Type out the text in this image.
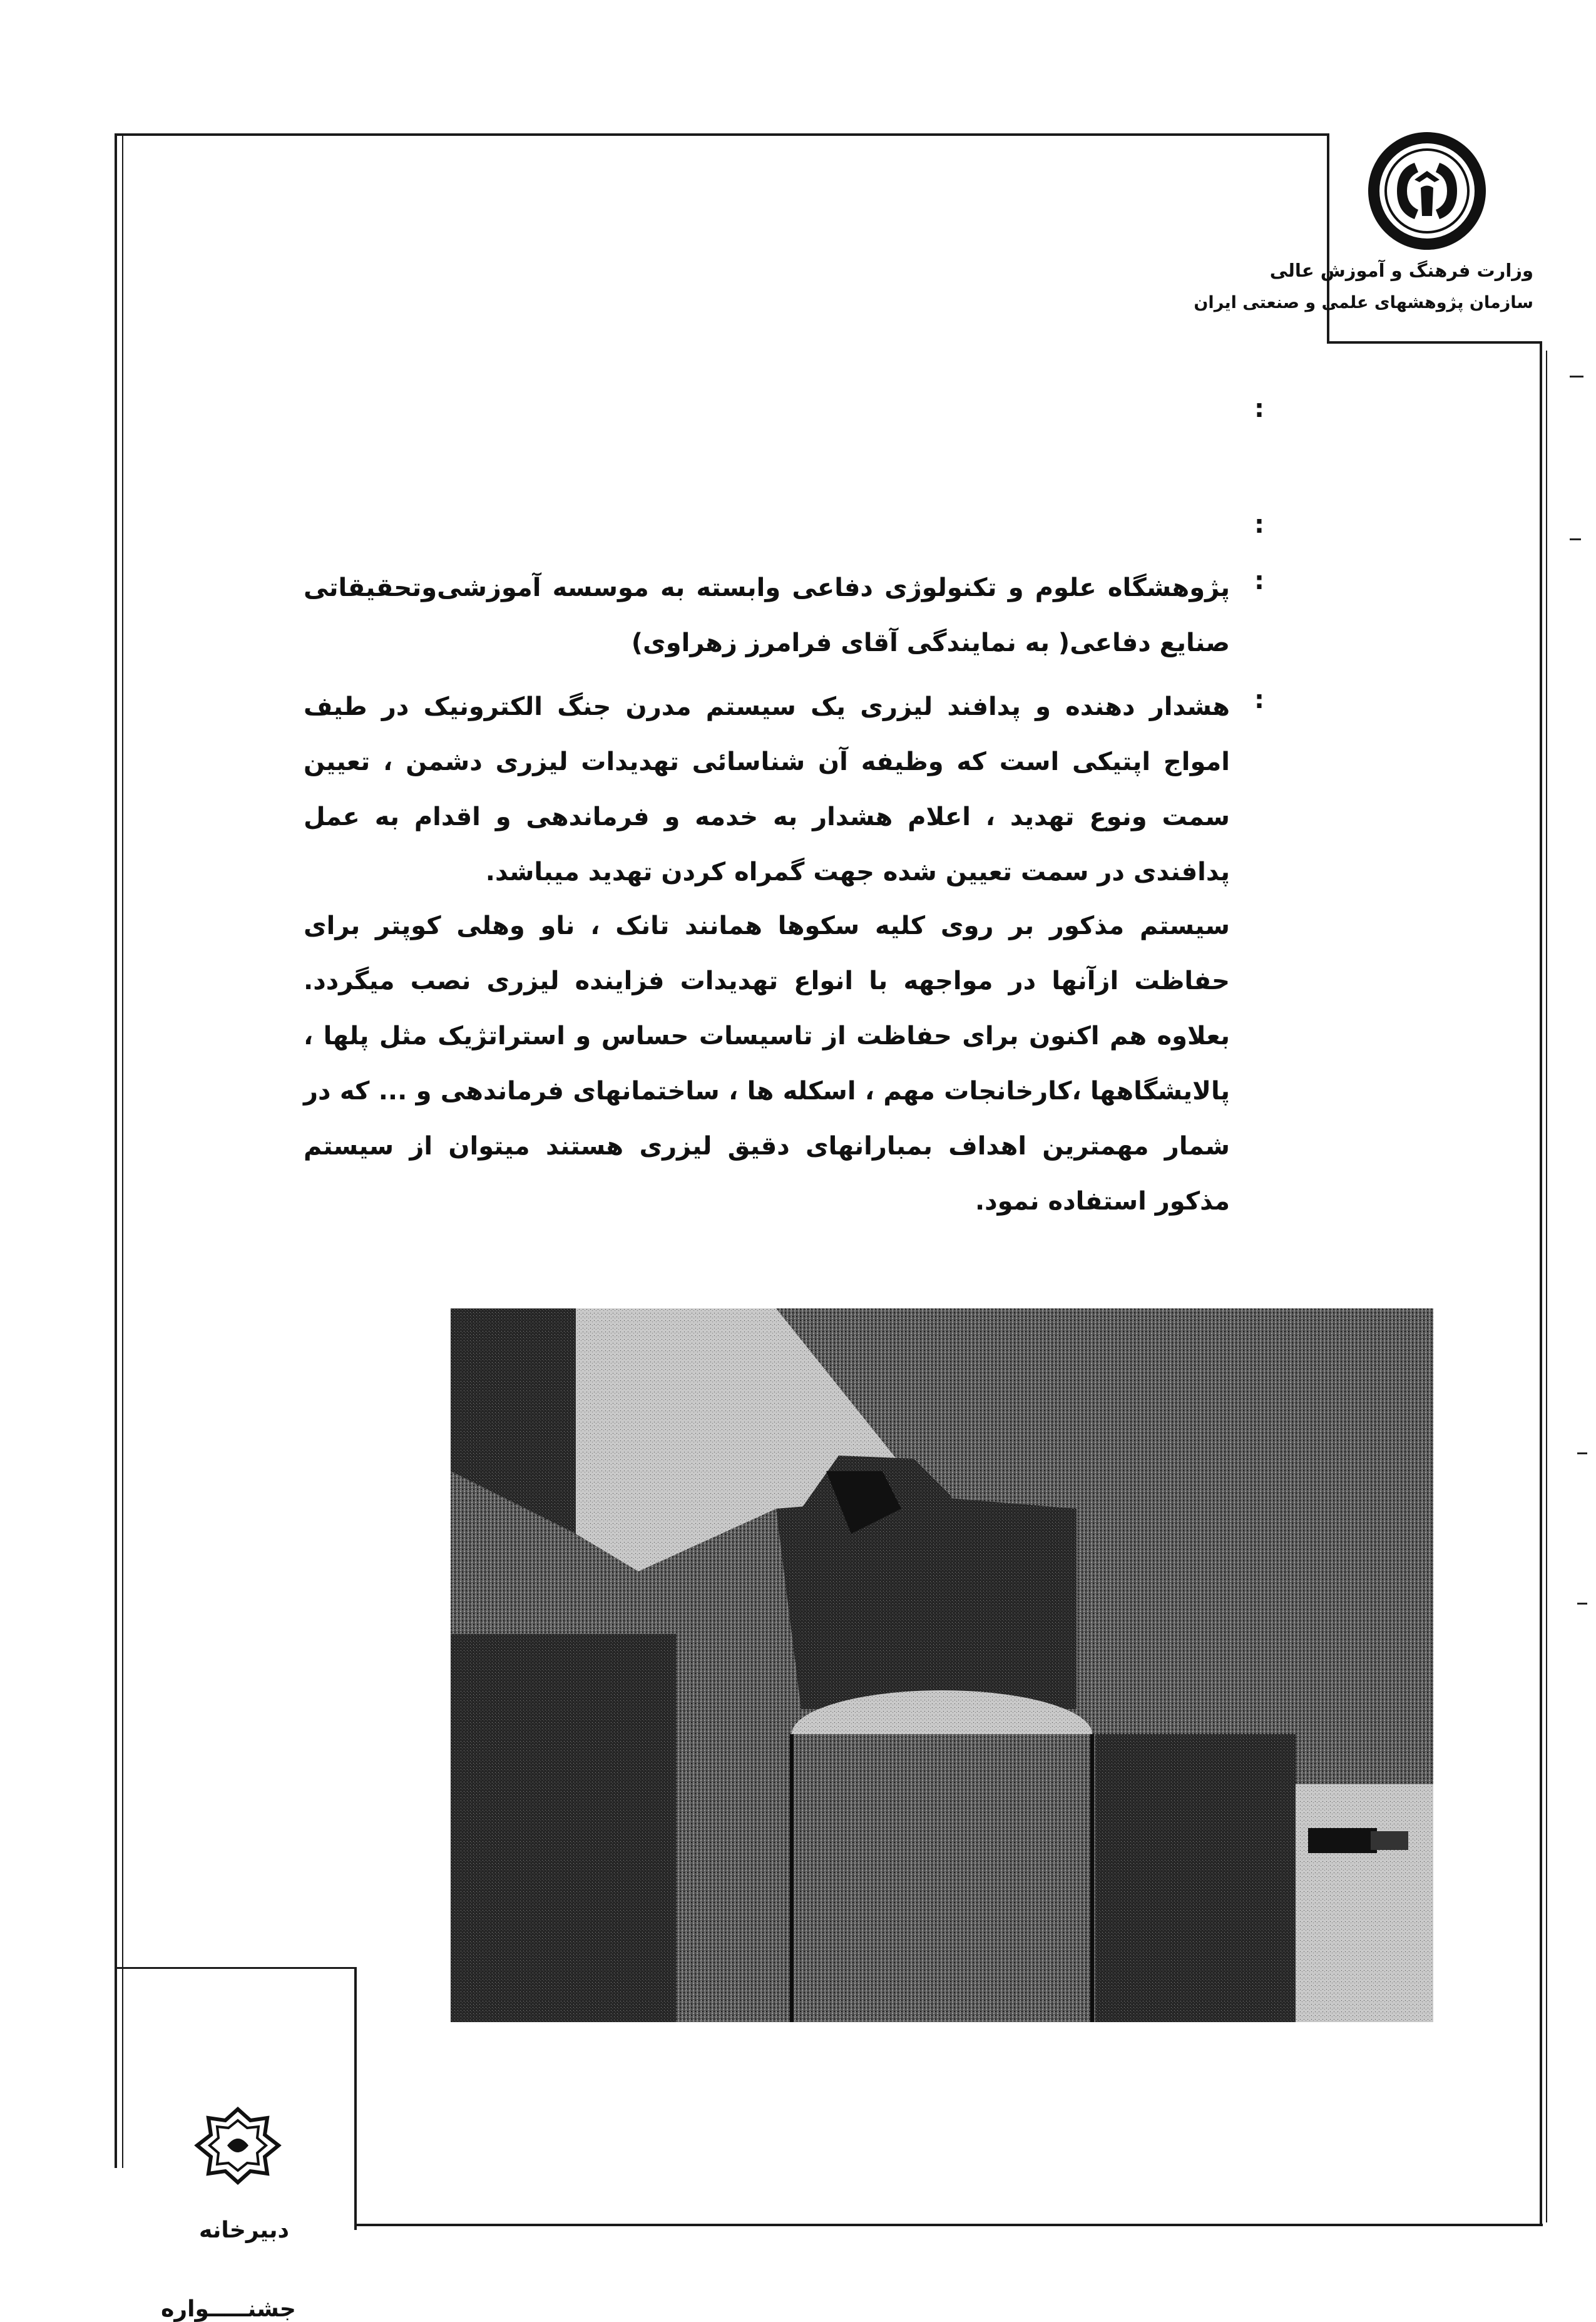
وزارت فرهنگ و آموزش عالی
سازمان پژوهشهای علمی و صنعتی ایران
:
:
:
پژوهشگاه علوم و تکنولوژی دفاعی وابسته به موسسه آموزشی‌وتحقیقاتی صنایع دفاعی( به نمایندگی آقای فرامرز زهراوی)
:
هشدار دهنده و پدافند لیزری یک سیستم مدرن جنگ الکترونیک در طیف امواج اپتیکی است که وظیفه آن شناسائی تهدیدات لیزری دشمن ، تعیین سمت ونوع تهدید ، اعلام هشدار به خدمه و فرماندهی و اقدام به عمل پدافندی در سمت تعیین شده جهت گمراه کردن تهدید میباشد.
سیستم مذکور بر روی کلیه سکوها همانند تانک ، ناو وهلی کوپتر برای حفاظت ازآنها در مواجهه با انواع تهدیدات فزاینده لیزری نصب میگردد. بعلاوه هم اکنون برای حفاظت از تاسیسات حساس و استراتژیک مثل پلها ، پالایشگاهها ،کارخانجات مهم ، اسکله ها ، ساختمانهای فرماندهی و ... که در شمار مهمترین اهداف بمبارانهای دقیق لیزری هستند میتوان از سیستم مذکور استفاده نمود.
دبیرخانه
جشنـــــواره
